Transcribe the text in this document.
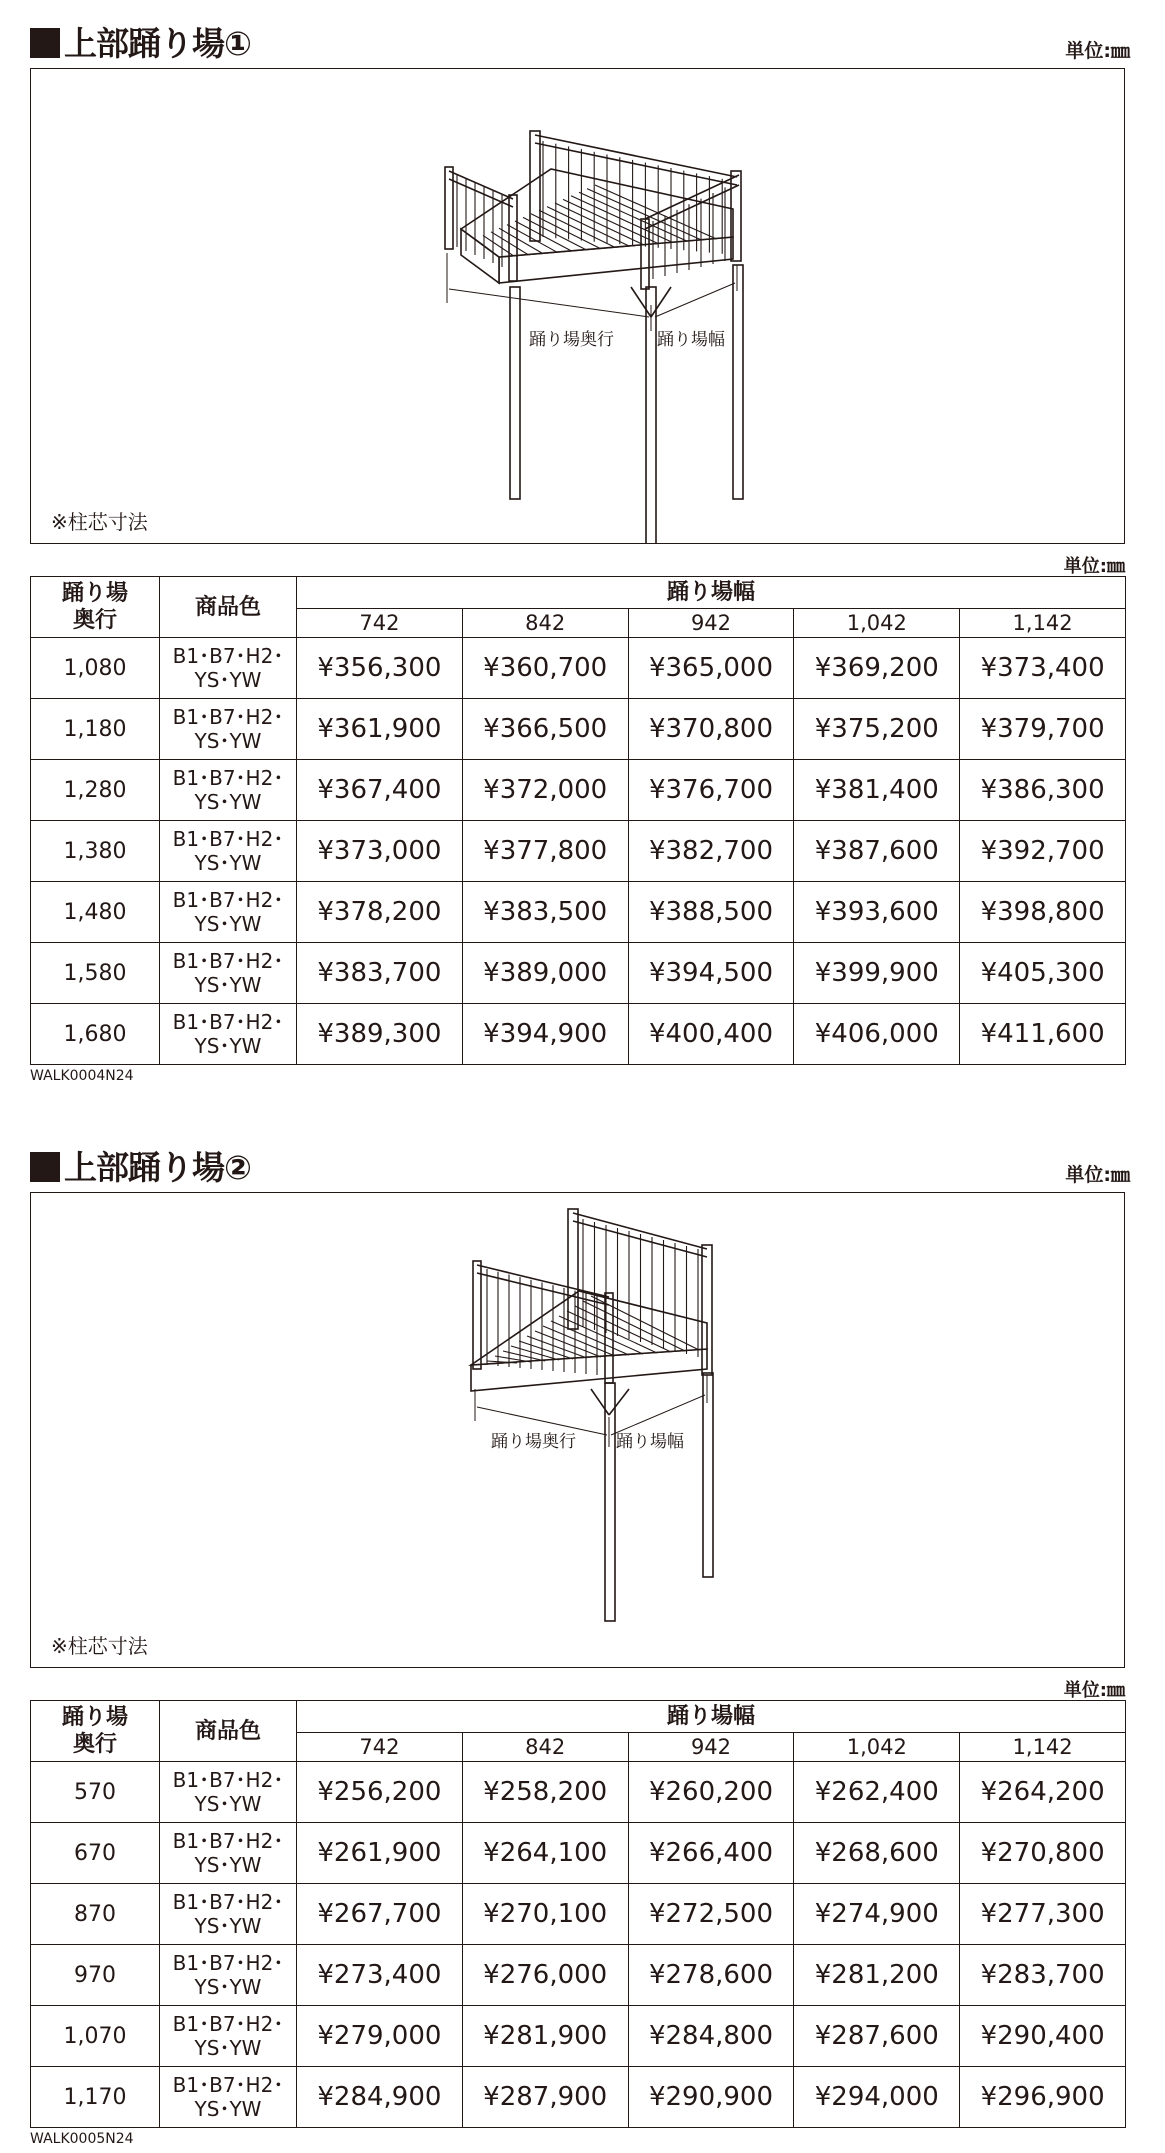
上部踊り場①	単位:㎜
踊り場奥行	踊り場幅
※柱芯寸法
単位:㎜
踊り場奥行	商品色	踊り場幅				
		742	842	942	1,042	1,142
1,080	B1･B7･H2･
YS･YW	¥356,300	¥360,700	¥365,000	¥369,200	¥373,400
1,180	B1･B7･H2･
YS･YW	¥361,900	¥366,500	¥370,800	¥375,200	¥379,700
1,280	B1･B7･H2･
YS･YW	¥367,400	¥372,000	¥376,700	¥381,400	¥386,300
1,380	B1･B7･H2･
YS･YW	¥373,000	¥377,800	¥382,700	¥387,600	¥392,700
1,480	B1･B7･H2･
YS･YW	¥378,200	¥383,500	¥388,500	¥393,600	¥398,800
1,580	B1･B7･H2･
YS･YW	¥383,700	¥389,000	¥394,500	¥399,900	¥405,300
1,680	B1･B7･H2･
YS･YW	¥389,300	¥394,900	¥400,400	¥406,000	¥411,600
WALK0004N24
上部踊り場②	単位:㎜
踊り場奥行 踊り場幅
※柱芯寸法
単位:㎜
踊り場奥行	商品色	踊り場幅				
		742	842	942	1,042	1,142
570	B1･B7･H2･
YS･YW	¥256,200	¥258,200	¥260,200	¥262,400	¥264,200
670	B1･B7･H2･
YS･YW	¥261,900	¥264,100	¥266,400	¥268,600	¥270,800
870	B1･B7･H2･
YS･YW	¥267,700	¥270,100	¥272,500	¥274,900	¥277,300
970	B1･B7･H2･
YS･YW	¥273,400	¥276,000	¥278,600	¥281,200	¥283,700
1,070	B1･B7･H2･
YS･YW	¥279,000	¥281,900	¥284,800	¥287,600	¥290,400
1,170	B1･B7･H2･
YS･YW	¥284,900	¥287,900	¥290,900	¥294,000	¥296,900
WALK0005N24
